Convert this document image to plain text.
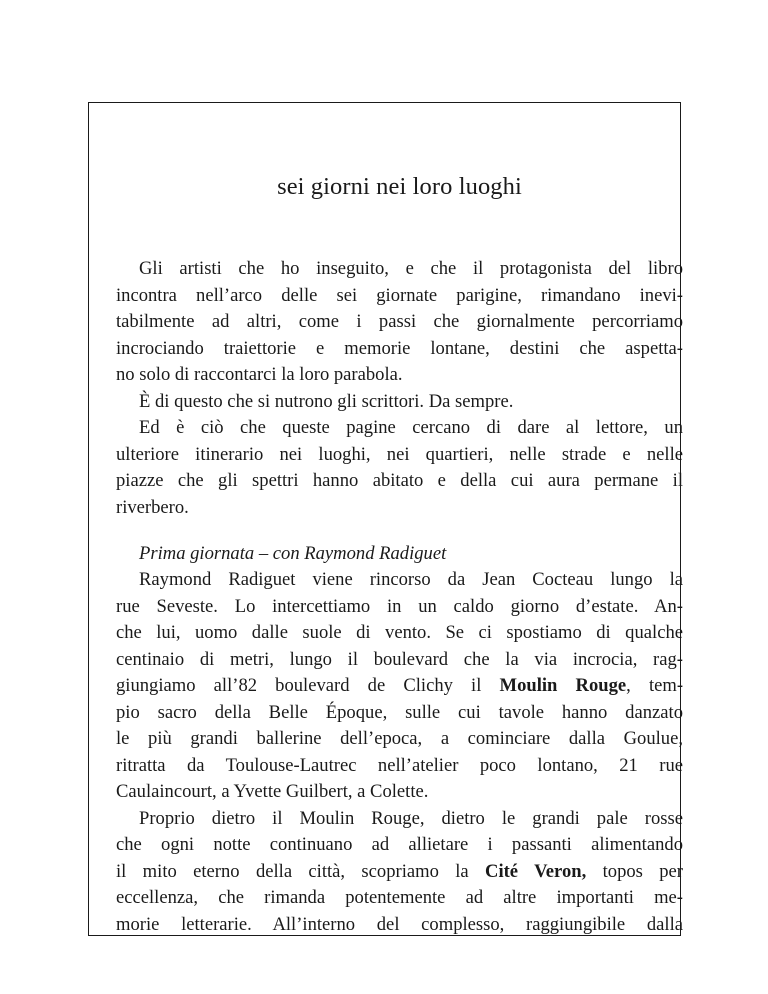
sei giorni nei loro luoghi
Gli artisti che ho inseguito, e che il protagonista del libro
incontra nell’arco delle sei giornate parigine, rimandano inevi-
tabilmente ad altri, come i passi che giornalmente percorriamo
incrociando traiettorie e memorie lontane, destini che aspetta-
no solo di raccontarci la loro parabola.
È di questo che si nutrono gli scrittori. Da sempre.
Ed è ciò che queste pagine cercano di dare al lettore, un
ulteriore itinerario nei luoghi, nei quartieri, nelle strade e nelle
piazze che gli spettri hanno abitato e della cui aura permane il
riverbero.
Prima giornata – con Raymond Radiguet
Raymond Radiguet viene rincorso da Jean Cocteau lungo la
rue Seveste. Lo intercettiamo in un caldo giorno d’estate. An-
che lui, uomo dalle suole di vento. Se ci spostiamo di qualche
centinaio di metri, lungo il boulevard che la via incrocia, rag-
giungiamo all’82 boulevard de Clichy il Moulin Rouge, tem-
pio sacro della Belle Époque, sulle cui tavole hanno danzato
le più grandi ballerine dell’epoca, a cominciare dalla Goulue,
ritratta da Toulouse-Lautrec nell’atelier poco lontano, 21 rue
Caulaincourt, a Yvette Guilbert, a Colette.
Proprio dietro il Moulin Rouge, dietro le grandi pale rosse
che ogni notte continuano ad allietare i passanti alimentando
il mito eterno della città, scopriamo la Cité Veron, topos per
eccellenza, che rimanda potentemente ad altre importanti me-
morie letterarie. All’interno del complesso, raggiungibile dalla
